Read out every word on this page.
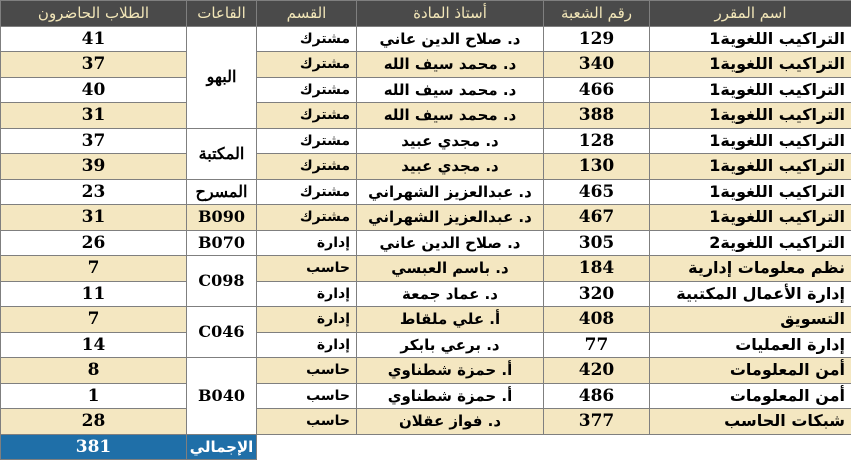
الطلاب الحاضرون	القاعات	القسم	أستاذ المادة	رقم الشعبة	اسم المقرر
41	البهو	مشترك	د. صلاح الدين عاني	129	التراكيب اللغوية1
37		مشترك	د. محمد سيف الله	340	التراكيب اللغوية1
40		مشترك	د. محمد سيف الله	466	التراكيب اللغوية1
31		مشترك	د. محمد سيف الله	388	التراكيب اللغوية1
37	المكتبة	مشترك	د. مجدي عبيد	128	التراكيب اللغوية1
39		مشترك	د. مجدي عبيد	130	التراكيب اللغوية1
23	المسرح	مشترك	د. عبدالعزيز الشهراني	465	التراكيب اللغوية1
31	B090	مشترك	د. عبدالعزيز الشهراني	467	التراكيب اللغوية1
26	B070	إدارة	د. صلاح الدين عاني	305	التراكيب اللغوية2
7	C098	حاسب	د. باسم العبسي	184	نظم معلومات إدارية
11		إدارة	د. عماد جمعة	320	إدارة الأعمال المكتبية
7	C046	إدارة	أ. علي ملقاط	408	التسويق
14		إدارة	د. برعي بابكر	77	إدارة العمليات
8	B040	حاسب	أ. حمزة شطناوي	420	أمن المعلومات
1		حاسب	أ. حمزة شطناوي	486	أمن المعلومات
28		حاسب	د. فواز عقلان	377	شبكات الحاسب
381	الإجمالي				
